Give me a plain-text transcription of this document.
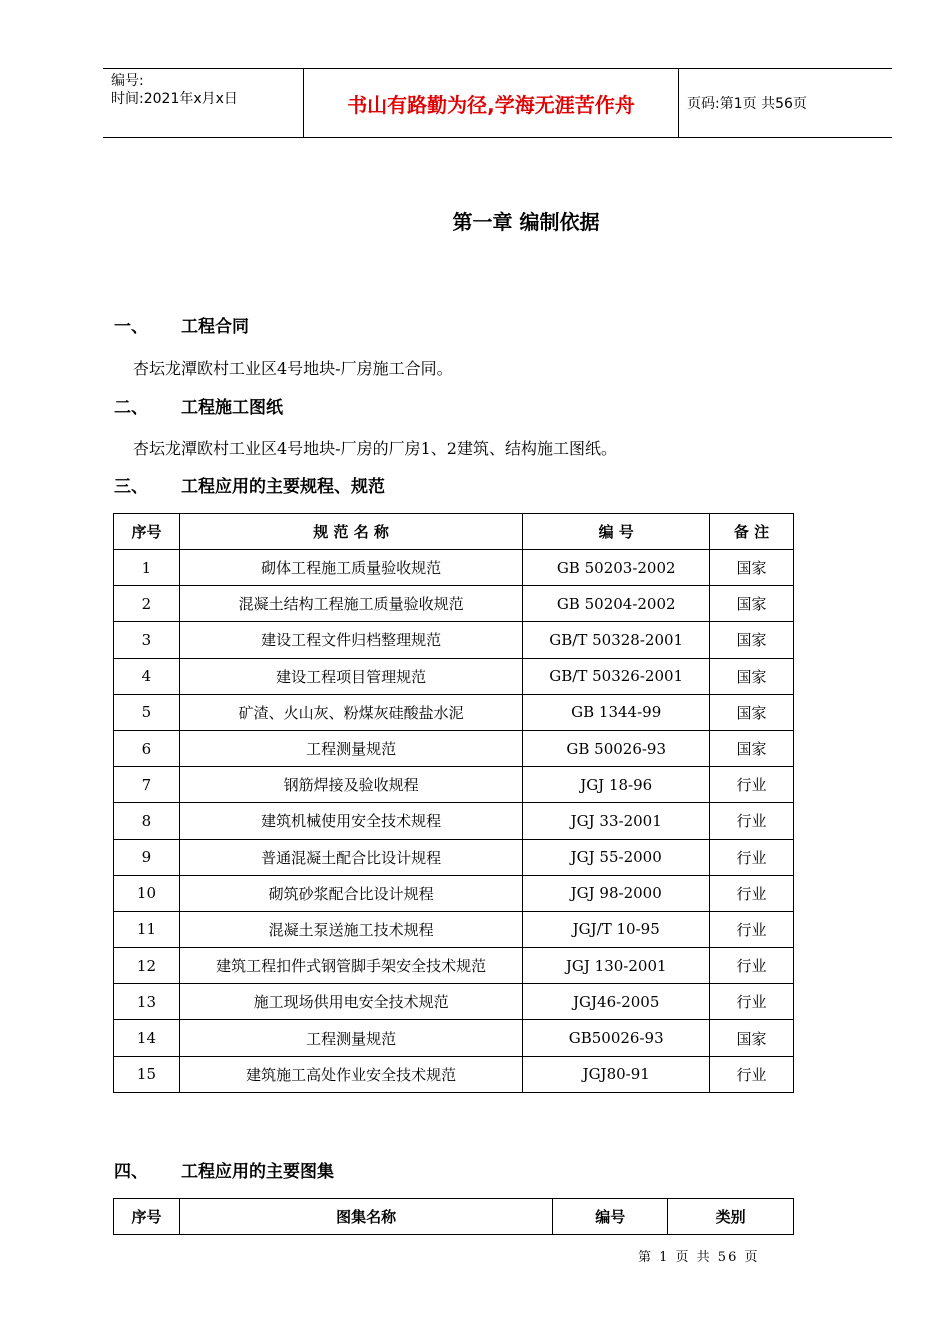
编号:
时间:2021年x月x日	书山有路勤为径,学海无涯苦作舟	页码:第1页 共56页
第一章 编制依据
一、 工程合同
杏坛龙潭欧村工业区4号地块-厂房施工合同。
二、 工程施工图纸
杏坛龙潭欧村工业区4号地块-厂房的厂房1、2建筑、结构施工图纸。
三、 工程应用的主要规程、规范
序号	规 范 名 称	编 号	备 注
1	砌体工程施工质量验收规范	GB 50203-2002	国家
2	混凝土结构工程施工质量验收规范	GB 50204-2002	国家
3	建设工程文件归档整理规范	GB/T 50328-2001	国家
4	建设工程项目管理规范	GB/T 50326-2001	国家
5	矿渣、火山灰、粉煤灰硅酸盐水泥	GB 1344-99	国家
6	工程测量规范	GB 50026-93	国家
7	钢筋焊接及验收规程	JGJ 18-96	行业
8	建筑机械使用安全技术规程	JGJ 33-2001	行业
9	普通混凝土配合比设计规程	JGJ 55-2000	行业
10	砌筑砂浆配合比设计规程	JGJ 98-2000	行业
11	混凝土泵送施工技术规程	JGJ/T 10-95	行业
12	建筑工程扣件式钢管脚手架安全技术规范	JGJ 130-2001	行业
13	施工现场供用电安全技术规范	JGJ46-2005	行业
14	工程测量规范	GB50026-93	国家
15	建筑施工高处作业安全技术规范	JGJ80-91	行业
四、 工程应用的主要图集
序号	图集名称	编号	类别
第 1 页 共 56 页
